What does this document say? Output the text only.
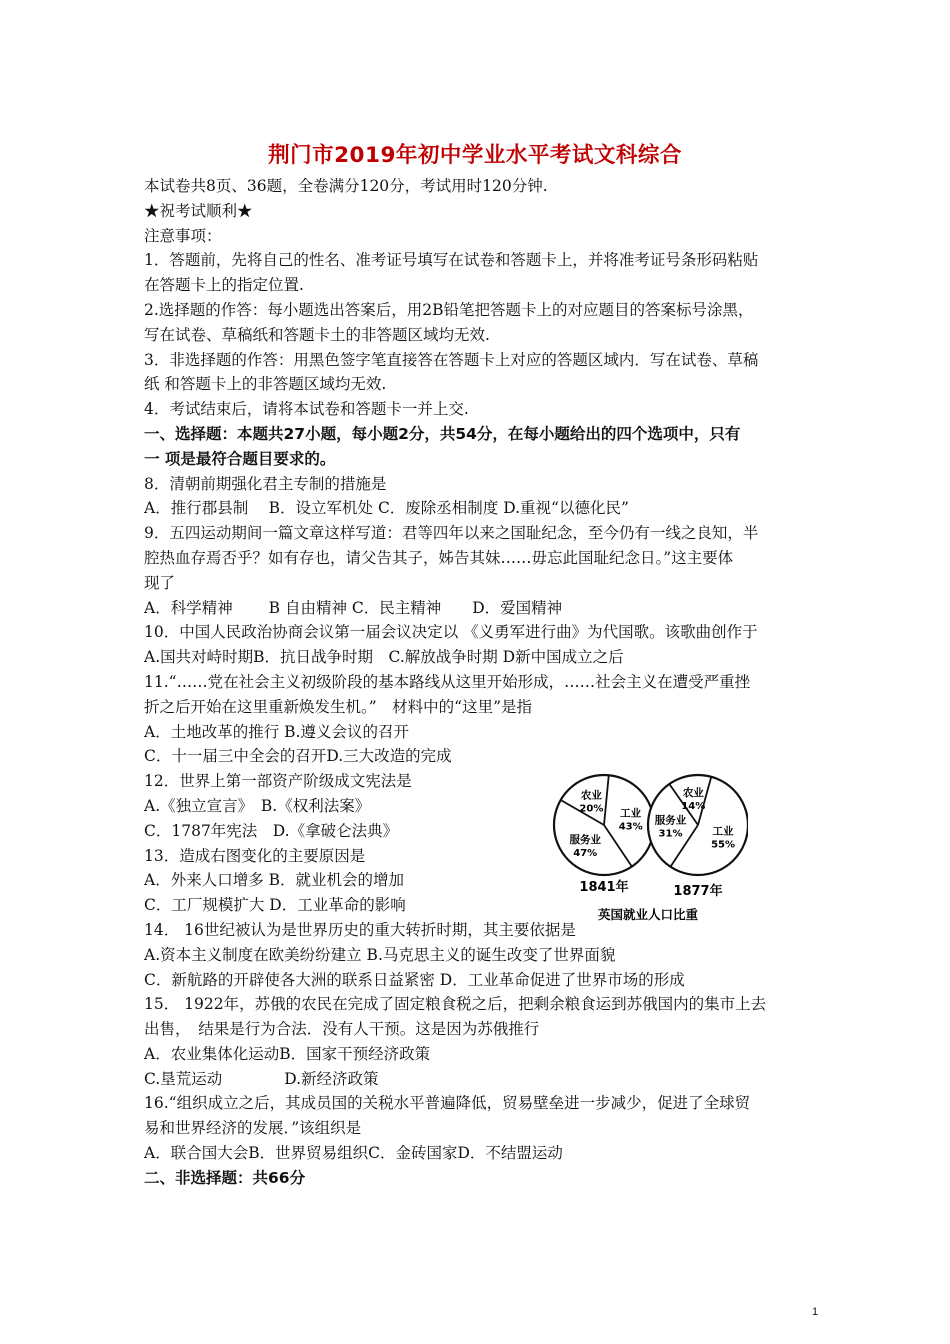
荆门市2019年初中学业水平考试文科综合
本试卷共8页、36题，全卷满分120分，考试用时120分钟.
★祝考试顺利★
注意事项：
1．答题前，先将自己的性名、准考证号填写在试卷和答题卡上，并将准考证号条形码粘贴
在答题卡上的指定位置.
2.选择题的作答：每小题选出答案后，用2B铅笔把答题卡上的对应题目的答案标号涂黑，
写在试卷、草稿纸和答题卡土的非答题区域均无效.
3．非选择题的作答：用黑色签字笔直接答在答题卡上对应的答题区域内．写在试卷、草稿
纸 和答题卡上的非答题区域均无效.
4．考试结束后，请将本试卷和答题卡一并上交.
一、选择题：本题共27小题，每小题2分，共54分，在每小题给出的四个选项中，只有
一 项是最符合题目要求的。
8．清朝前期强化君主专制的措施是
A．推行郡县制　 B．设立军机处 C．废除丞相制度 D.重视“以德化民”
9．五四运动期间一篇文章这样写道：君等四年以来之国耻纪念，至今仍有一线之良知，半
腔热血存焉否乎？如有存也，请父告其子，姊告其妹……毋忘此国耻纪念日。”这主要体
现了
A．科学精神　　 B 自由精神 C．民主精神　　D．爱国精神
10．中国人民政治协商会议第一届会议决定以 《义勇军进行曲》为代国歌。该歌曲创作于
A.国共对峙时期B．抗日战争时期　C.解放战争时期 D新中国成立之后
11.“……党在社会主义初级阶段的基本路线从这里开始形成，……社会主义在遭受严重挫
折之后开始在这里重新焕发生机。”　材料中的“这里”是指
A．土地改革的推行 B.遵义会议的召开
C．十一届三中全会的召开D.三大改造的完成
12．世界上第一部资产阶级成文宪法是
A.《独立宣言》　B.《权利法案》
C．1787年宪法　D.《拿破仑法典》
13．造成右图变化的主要原因是
A．外来人口增多 B．就业机会的增加
C．工厂规模扩大 D．工业革命的影响
14． 16世纪被认为是世界历史的重大转折时期，其主要依据是
A.资本主义制度在欧美纷纷建立 B.马克思主义的诞生改变了世界面貌
C．新航路的开辟使各大洲的联系日益紧密 D．工业革命促进了世界市场的形成
15． 1922年，苏俄的农民在完成了固定粮食税之后，把剩余粮食运到苏俄国内的集市上去
出售，　结果是行为合法．没有人干预。这是因为苏俄推行
A．农业集体化运动B．国家干预经济政策
C.垦荒运动　　　　D.新经济政策
16.“组织成立之后，其成员国的关税水平普遍降低，贸易壁垒进一步减少，促进了全球贸
易和世界经济的发展．”该组织是
A．联合国大会B．世界贸易组织C．金砖国家D．不结盟运动
二、非选择题：共66分
农业
20% 工业
43%
服务业
47%
农业
14%
工业
55%
服务业
31%
1841年	1877年
英国就业人口比重
1
